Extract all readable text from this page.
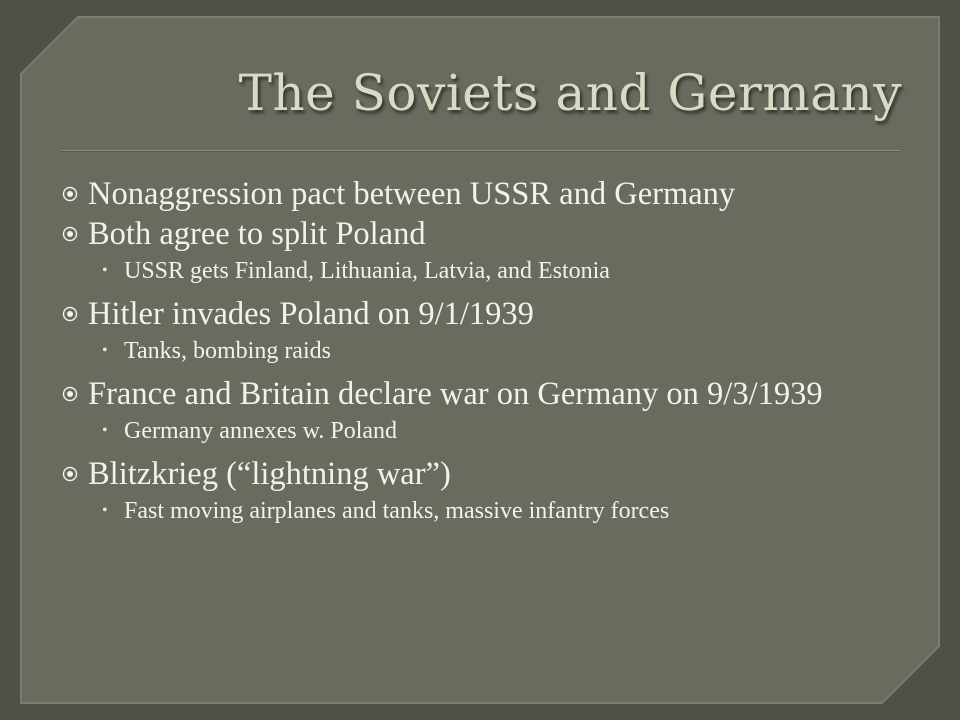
The Soviets and Germany
Nonaggression pact between USSR and Germany
Both agree to split Poland
• USSR gets Finland, Lithuania, Latvia, and Estonia
Hitler invades Poland on 9/1/1939
• Tanks, bombing raids
France and Britain declare war on Germany on 9/3/1939
• Germany annexes w. Poland
Blitzkrieg (“lightning war”)
• Fast moving airplanes and tanks, massive infantry forces
